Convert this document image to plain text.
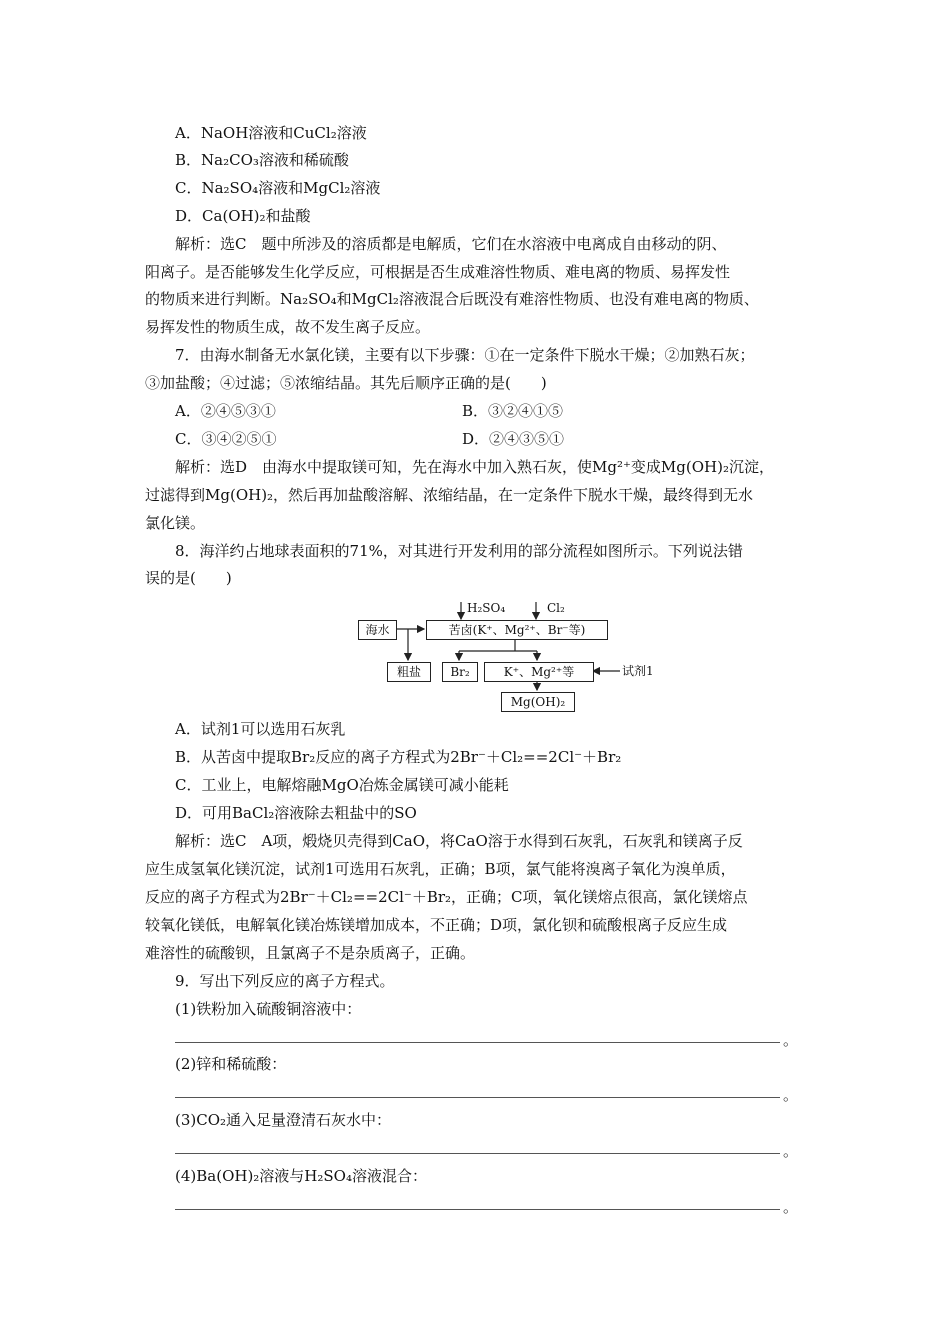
A．NaOH溶液和CuCl₂溶液
B．Na₂CO₃溶液和稀硫酸
C．Na₂SO₄溶液和MgCl₂溶液
D．Ca(OH)₂和盐酸
解析：选C　题中所涉及的溶质都是电解质，它们在水溶液中电离成自由移动的阴、
阳离子。是否能够发生化学反应，可根据是否生成难溶性物质、难电离的物质、易挥发性
的物质来进行判断。Na₂SO₄和MgCl₂溶液混合后既没有难溶性物质、也没有难电离的物质、
易挥发性的物质生成，故不发生离子反应。
7．由海水制备无水氯化镁，主要有以下步骤：①在一定条件下脱水干燥；②加熟石灰；
③加盐酸；④过滤；⑤浓缩结晶。其先后顺序正确的是(　　)
A．②④⑤③①	B．③②④①⑤
C．③④②⑤①	D．②④③⑤①
解析：选D　由海水中提取镁可知，先在海水中加入熟石灰，使Mg²⁺变成Mg(OH)₂沉淀，
过滤得到Mg(OH)₂，然后再加盐酸溶解、浓缩结晶，在一定条件下脱水干燥，最终得到无水
氯化镁。
8．海洋约占地球表面积的71%，对其进行开发利用的部分流程如图所示。下列说法错
误的是(　　)
H₂SO₄	Cl₂
海水	苦卤(K⁺、Mg²⁺、Br⁻等)
粗盐	Br₂	K⁺、Mg²⁺等	试剂1
Mg(OH)₂
A．试剂1可以选用石灰乳
B．从苦卤中提取Br₂反应的离子方程式为2Br⁻＋Cl₂==2Cl⁻＋Br₂
C．工业上，电解熔融MgO冶炼金属镁可减小能耗
D．可用BaCl₂溶液除去粗盐中的SO
解析：选C　A项，煅烧贝壳得到CaO，将CaO溶于水得到石灰乳，石灰乳和镁离子反
应生成氢氧化镁沉淀，试剂1可选用石灰乳，正确；B项，氯气能将溴离子氧化为溴单质，
反应的离子方程式为2Br⁻＋Cl₂==2Cl⁻＋Br₂，正确；C项，氧化镁熔点很高，氯化镁熔点
较氧化镁低，电解氧化镁冶炼镁增加成本，不正确；D项，氯化钡和硫酸根离子反应生成
难溶性的硫酸钡，且氯离子不是杂质离子，正确。
9．写出下列反应的离子方程式。
(1)铁粉加入硫酸铜溶液中：
。
(2)锌和稀硫酸：
。
(3)CO₂通入足量澄清石灰水中：
。
(4)Ba(OH)₂溶液与H₂SO₄溶液混合：
。
